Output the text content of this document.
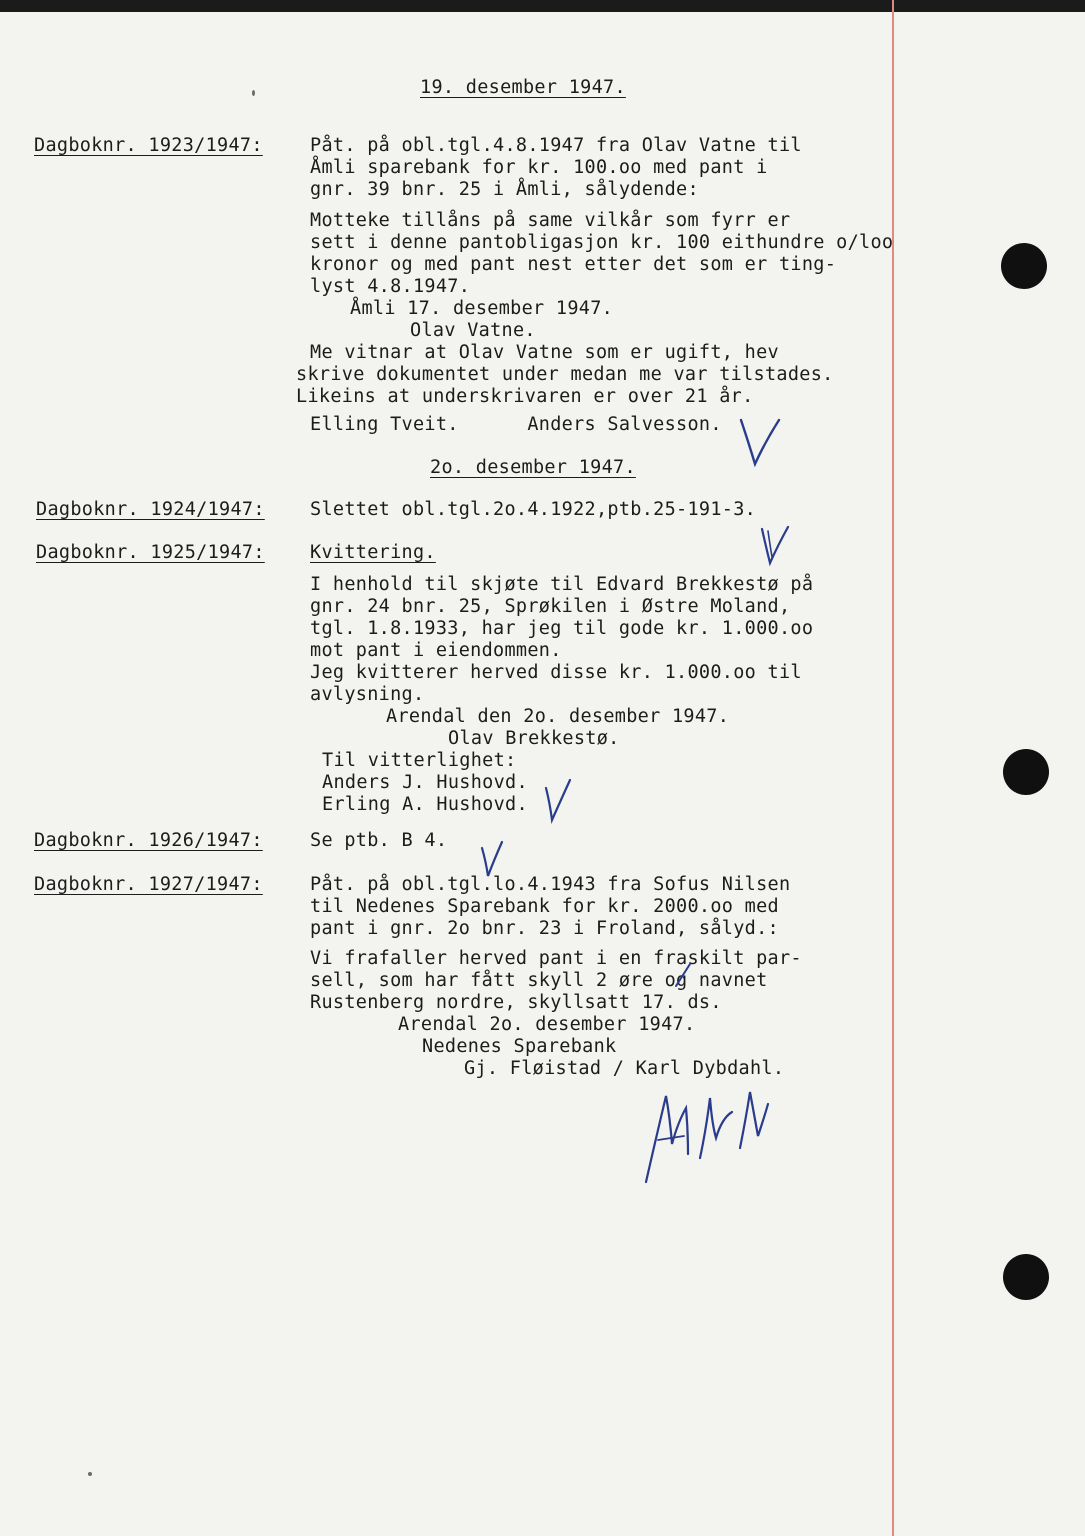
19. desember 1947.
Dagboknr. 1923/1947:	Påt. på obl.tgl.4.8.1947 fra Olav Vatne til
Åmli sparebank for kr. 100.oo med pant i
gnr. 39 bnr. 25 i Åmli, sålydende:
Motteke tillåns på same vilkår som fyrr er
sett i denne pantobligasjon kr. 100 eithundre o/loo
kronor og med pant nest etter det som er ting-
lyst 4.8.1947.
Åmli 17. desember 1947.
Olav Vatne.
Me vitnar at Olav Vatne som er ugift, hev
skrive dokumentet under medan me var tilstades.
Likeins at underskrivaren er over 21 år.
Elling Tveit.      Anders Salvesson.
2o. desember 1947.
Dagboknr. 1924/1947: Slettet obl.tgl.2o.4.1922,ptb.25-191-3.
Dagboknr. 1925/1947: Kvittering.
I henhold til skjøte til Edvard Brekkestø på
gnr. 24 bnr. 25, Sprøkilen i Østre Moland,
tgl. 1.8.1933, har jeg til gode kr. 1.000.oo
mot pant i eiendommen.
Jeg kvitterer herved disse kr. 1.000.oo til
avlysning.
Arendal den 2o. desember 1947.
Olav Brekkestø.
Til vitterlighet:
Anders J. Hushovd.
Erling A. Hushovd.
Dagboknr. 1926/1947:	Se ptb. B 4.
Dagboknr. 1927/1947:	Påt. på obl.tgl.lo.4.1943 fra Sofus Nilsen
til Nedenes Sparebank for kr. 2000.oo med
pant i gnr. 2o bnr. 23 i Froland, sålyd.:
Vi frafaller herved pant i en fraskilt par-
sell, som har fått skyll 2 øre og navnet
Rustenberg nordre, skyllsatt 17. ds.
Arendal 2o. desember 1947.
Nedenes Sparebank
Gj. Fløistad / Karl Dybdahl.
